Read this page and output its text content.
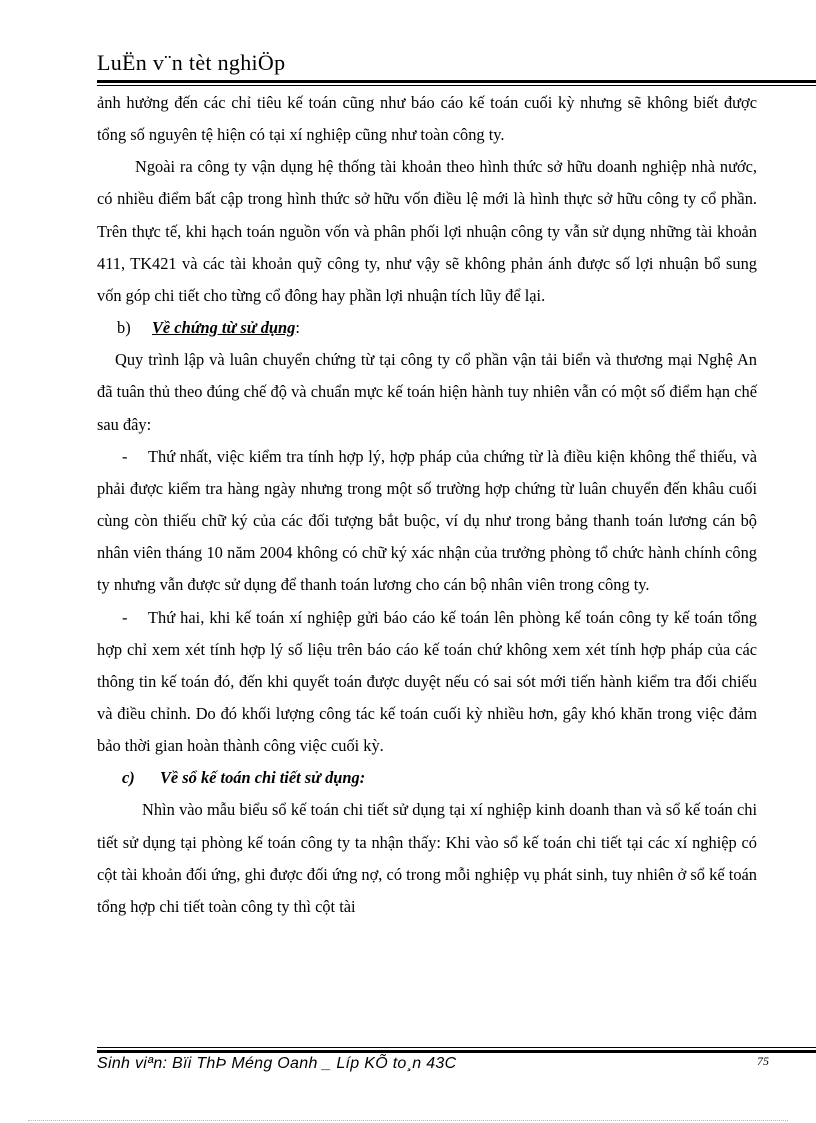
LuËn v¨n tèt nghiÖp

ảnh hưởng đến các chỉ tiêu kế toán cũng như báo cáo kế toán cuối kỳ nhưng sẽ không biết được tổng số nguyên tệ hiện có tại xí nghiệp cũng như toàn công ty.

Ngoài ra công ty vận dụng hệ thống tài khoản theo hình thức sở hữu doanh nghiệp nhà nước, có nhiều điểm bất cập trong hình thức sở hữu vốn điều lệ mới là hình thực sở hữu công ty cổ phần. Trên thực tế, khi hạch toán nguồn vốn và phân phối lợi nhuận công ty vẫn sử dụng những tài khoản 411, TK421 và các tài khoản quỹ công ty, như vậy sẽ không phản ánh được số lợi nhuận bổ sung vốn góp chi tiết cho từng cổ đông hay phần lợi nhuận tích lũy để lại.

b) Về chứng từ sử dụng:

Quy trình lập và luân chuyển chứng từ tại công ty cổ phần vận tải biển và thương mại Nghệ An đã tuân thủ theo đúng chế độ và chuẩn mực kế toán hiện hành tuy nhiên vẫn có một số điểm hạn chế sau đây:

- Thứ nhất, việc kiểm tra tính hợp lý, hợp pháp của chứng từ là điều kiện không thể thiếu, và phải được kiểm tra hàng ngày nhưng trong một số trường hợp chứng từ luân chuyển đến khâu cuối cùng còn thiếu chữ ký của các đối tượng bắt buộc, ví dụ như trong bảng thanh toán lương cán bộ nhân viên tháng 10 năm 2004 không có chữ ký xác nhận của trưởng phòng tổ chức hành chính công ty nhưng vẫn được sử dụng để thanh toán lương cho cán bộ nhân viên trong công ty.

- Thứ hai, khi kế toán xí nghiệp gửi báo cáo kế toán lên phòng kế toán công ty kế toán tổng hợp chỉ xem xét tính hợp lý số liệu trên báo cáo kế toán chứ không xem xét tính hợp pháp của các thông tin kế toán đó, đến khi quyết toán được duyệt nếu có sai sót mới tiến hành kiểm tra đối chiếu và điều chỉnh. Do đó khối lượng công tác kế toán cuối kỳ nhiều hơn, gây khó khăn trong việc đảm bảo thời gian hoàn thành công việc cuối kỳ.

c) Về sổ kế toán chi tiết sử dụng:

Nhìn vào mẫu biểu sổ kế toán chi tiết sử dụng tại xí nghiệp kinh doanh than và sổ kế toán chi tiết sử dụng tại phòng kế toán công ty ta nhận thấy: Khi vào sổ kế toán chi tiết tại các xí nghiệp có cột tài khoản đối ứng, ghi được đối ứng nợ, có trong mỗi nghiệp vụ phát sinh, tuy nhiên ở sổ kế toán tổng hợp chi tiết toàn công ty thì cột tài

Sinh viªn: Bïi ThÞ Méng Oanh _ Líp KÕ to¸n 43C	75
